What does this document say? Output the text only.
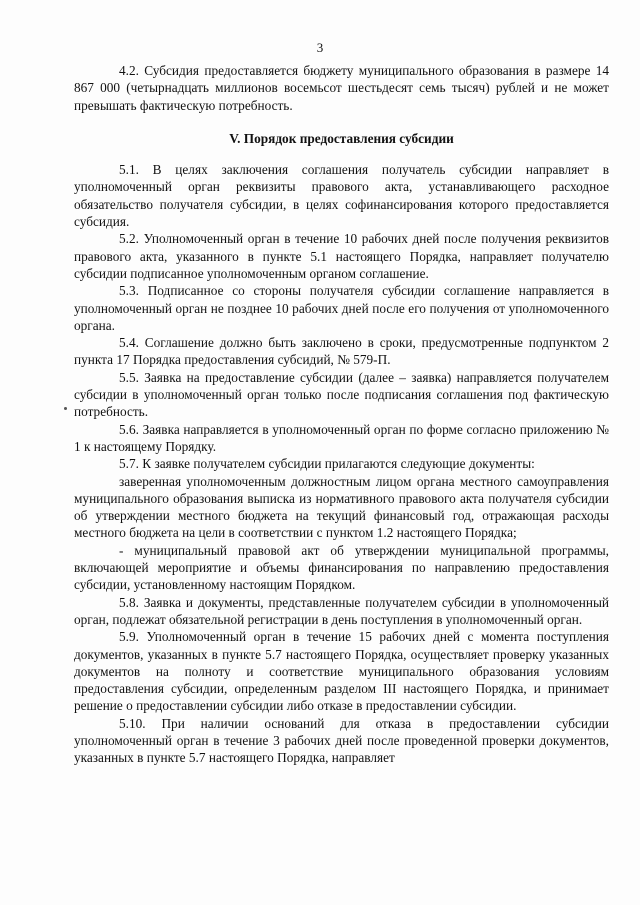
3

4.2. Субсидия предоставляется бюджету муниципального образования в размере 14 867 000 (четырнадцать миллионов восемьсот шестьдесят семь тысяч) рублей и не может превышать фактическую потребность.

V. Порядок предоставления субсидии

5.1. В целях заключения соглашения получатель субсидии направляет в уполномоченный орган реквизиты правового акта, устанавливающего расходное обязательство получателя субсидии, в целях софинансирования которого предоставляется субсидия.

5.2. Уполномоченный орган в течение 10 рабочих дней после получения реквизитов правового акта, указанного в пункте 5.1 настоящего Порядка, направляет получателю субсидии подписанное уполномоченным органом соглашение.

5.3. Подписанное со стороны получателя субсидии соглашение направляется в уполномоченный орган не позднее 10 рабочих дней после его получения от уполномоченного органа.

5.4. Соглашение должно быть заключено в сроки, предусмотренные подпунктом 2 пункта 17 Порядка предоставления субсидий, № 579-П.

5.5. Заявка на предоставление субсидии (далее – заявка) направляется получателем субсидии в уполномоченный орган только после подписания соглашения под фактическую потребность.

5.6. Заявка направляется в уполномоченный орган по форме согласно приложению № 1 к настоящему Порядку.

5.7. К заявке получателем субсидии прилагаются следующие документы:

заверенная уполномоченным должностным лицом органа местного самоуправления муниципального образования выписка из нормативного правового акта получателя субсидии об утверждении местного бюджета на текущий финансовый год, отражающая расходы местного бюджета на цели в соответствии с пунктом 1.2 настоящего Порядка;

- муниципальный правовой акт об утверждении муниципальной программы, включающей мероприятие и объемы финансирования по направлению предоставления субсидии, установленному настоящим Порядком.

5.8. Заявка и документы, представленные получателем субсидии в уполномоченный орган, подлежат обязательной регистрации в день поступления в уполномоченный орган.

5.9. Уполномоченный орган в течение 15 рабочих дней с момента поступления документов, указанных в пункте 5.7 настоящего Порядка, осуществляет проверку указанных документов на полноту и соответствие муниципального образования условиям предоставления субсидии, определенным разделом III настоящего Порядка, и принимает решение о предоставлении субсидии либо отказе в предоставлении субсидии.

5.10. При наличии оснований для отказа в предоставлении субсидии уполномоченный орган в течение 3 рабочих дней после проведенной проверки документов, указанных в пункте 5.7 настоящего Порядка, направляет
